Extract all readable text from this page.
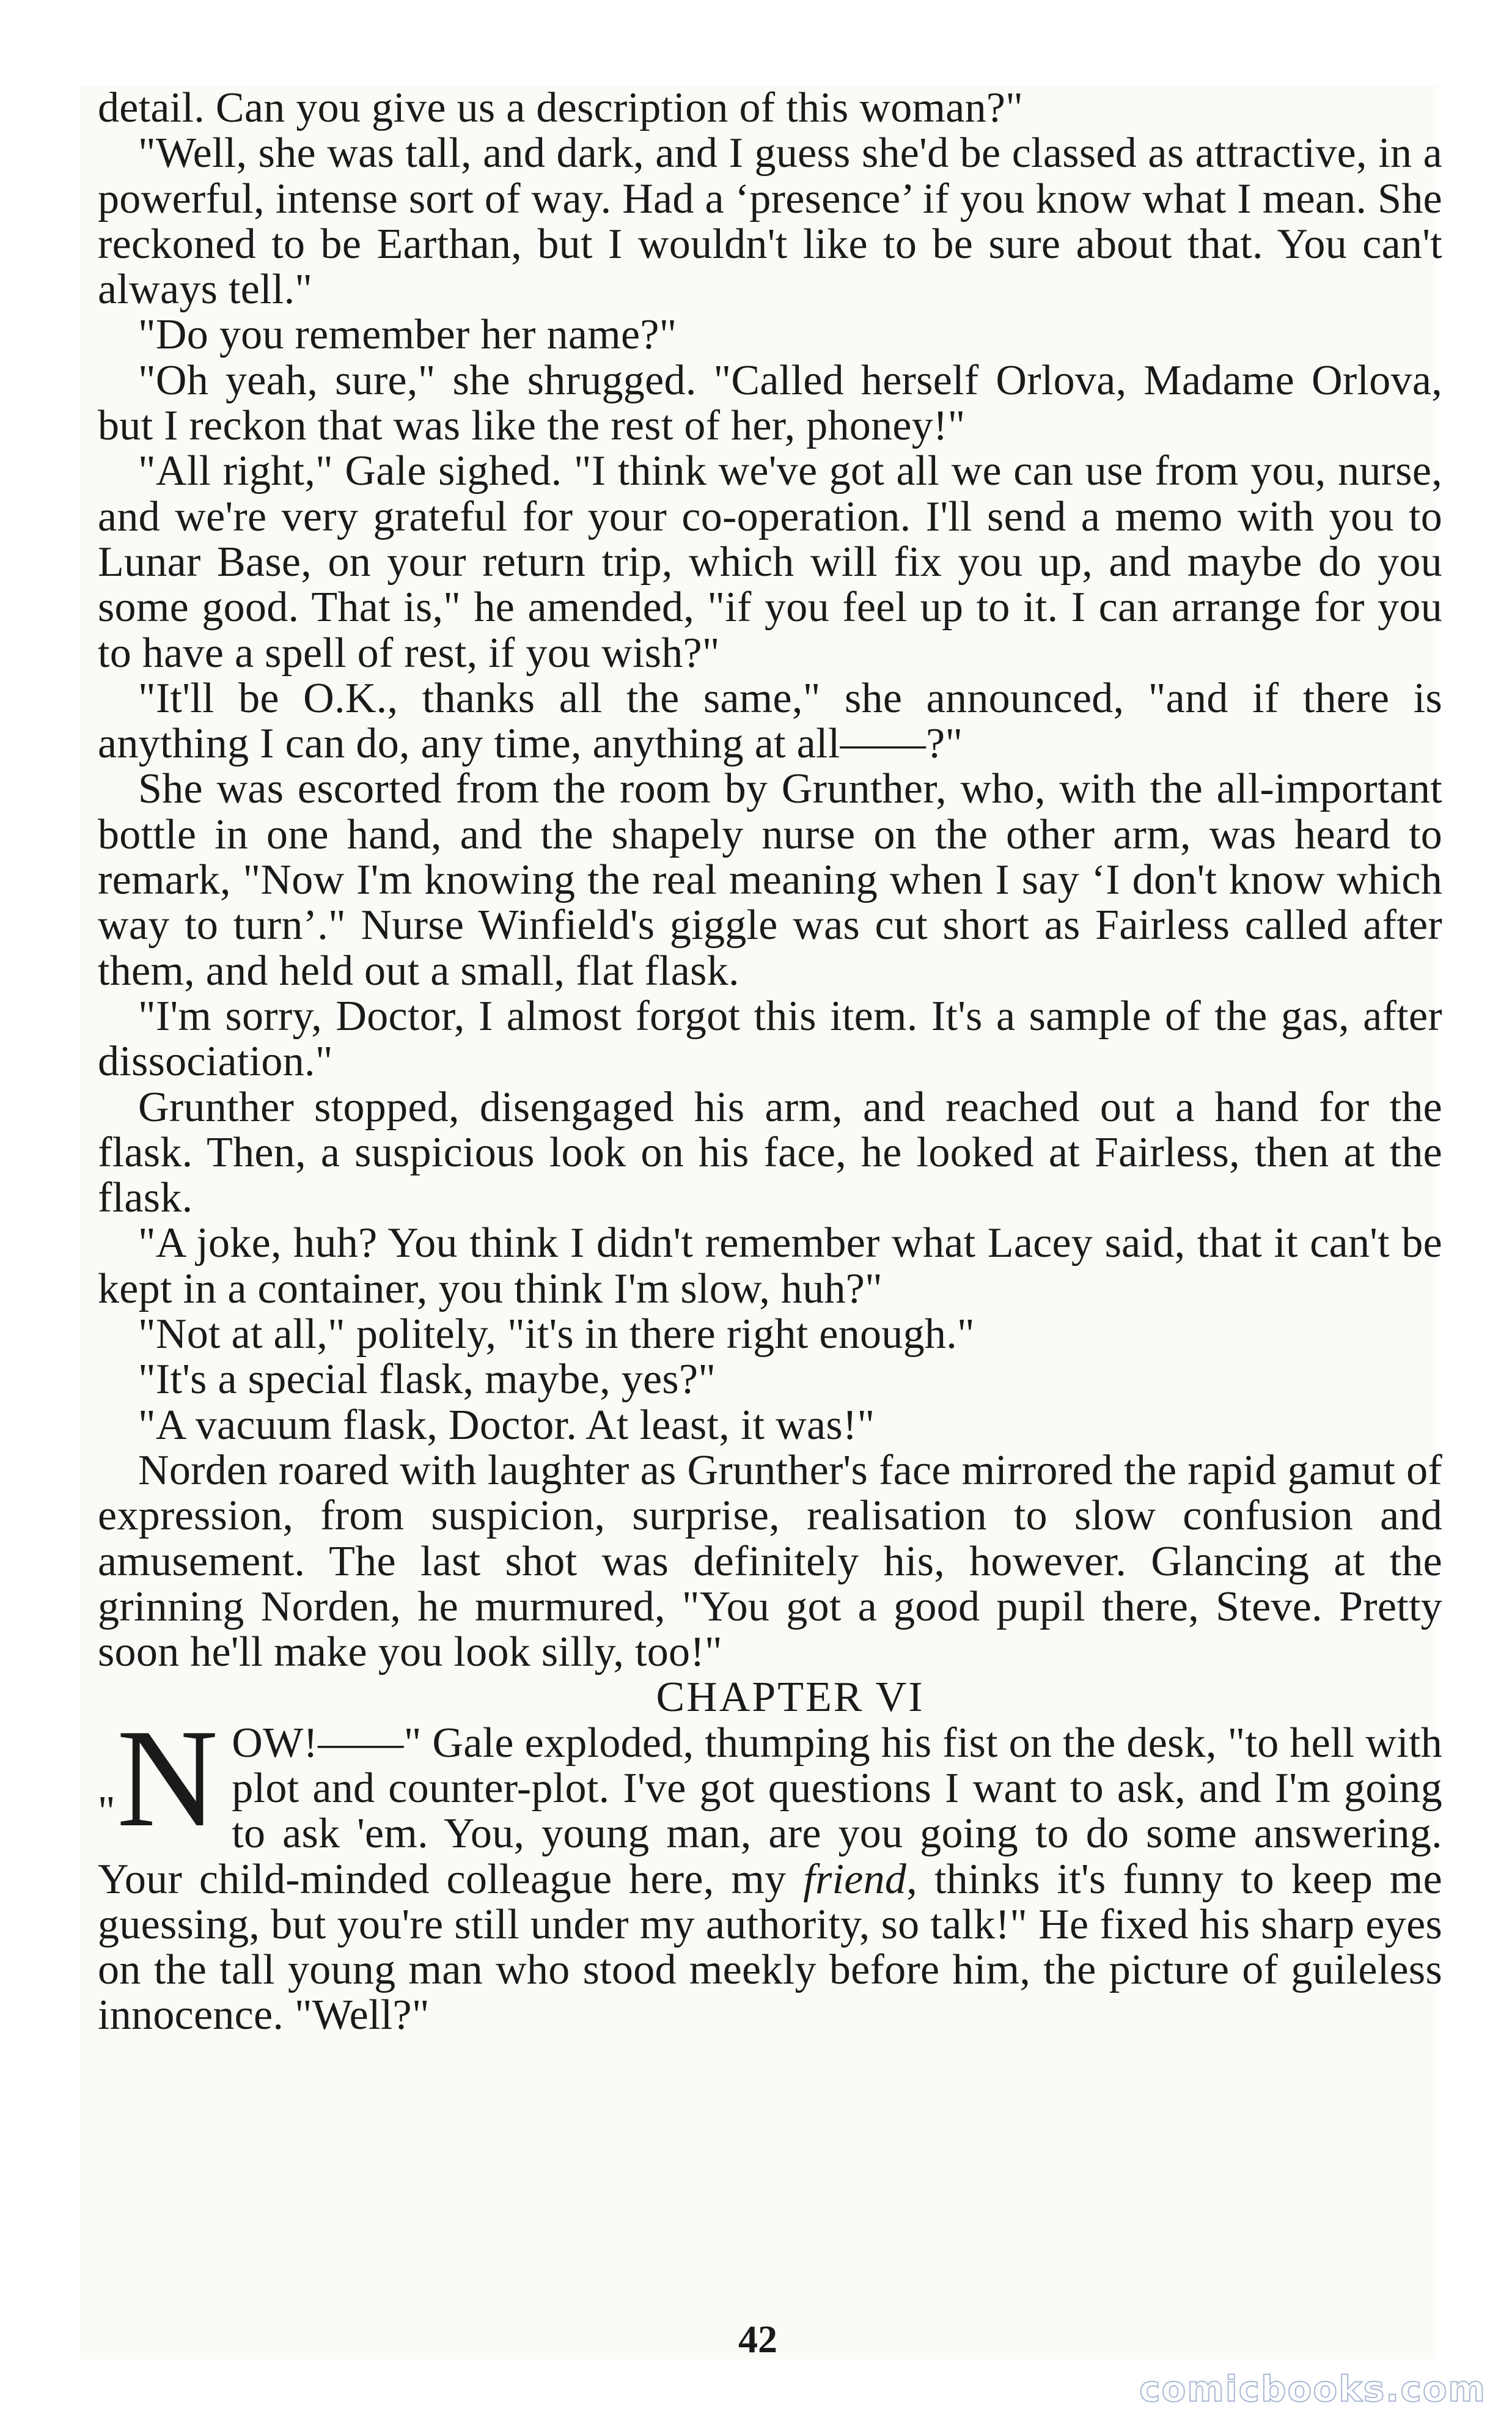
detail. Can you give us a description of this woman?"

"Well, she was tall, and dark, and I guess she'd be classed as attractive, in a powerful, intense sort of way. Had a ‘presence’ if you know what I mean. She reckoned to be Earthan, but I wouldn't like to be sure about that. You can't always tell."

"Do you remember her name?"

"Oh yeah, sure," she shrugged. "Called herself Orlova, Madame Orlova, but I reckon that was like the rest of her, phoney!"

"All right," Gale sighed. "I think we've got all we can use from you, nurse, and we're very grateful for your co-operation. I'll send a memo with you to Lunar Base, on your return trip, which will fix you up, and maybe do you some good. That is," he amended, "if you feel up to it. I can arrange for you to have a spell of rest, if you wish?"

"It'll be O.K., thanks all the same," she announced, "and if there is anything I can do, any time, anything at all——?"

She was escorted from the room by Grunther, who, with the all-important bottle in one hand, and the shapely nurse on the other arm, was heard to remark, "Now I'm knowing the real meaning when I say ‘I don't know which way to turn’." Nurse Winfield's giggle was cut short as Fairless called after them, and held out a small, flat flask.

"I'm sorry, Doctor, I almost forgot this item. It's a sample of the gas, after dissociation."

Grunther stopped, disengaged his arm, and reached out a hand for the flask. Then, a suspicious look on his face, he looked at Fairless, then at the flask.

"A joke, huh? You think I didn't remember what Lacey said, that it can't be kept in a container, you think I'm slow, huh?"

"Not at all," politely, "it's in there right enough."

"It's a special flask, maybe, yes?"

"A vacuum flask, Doctor. At least, it was!"

Norden roared with laughter as Grunther's face mirrored the rapid gamut of expression, from suspicion, surprise, realisation to slow confusion and amusement. The last shot was definitely his, however. Glancing at the grinning Norden, he murmured, "You got a good pupil there, Steve. Pretty soon he'll make you look silly, too!"

CHAPTER VI

"N OW!——" Gale exploded, thumping his fist on the desk, "to hell with plot and counter-plot. I've got questions I want to ask, and I'm going to ask 'em. You, young man, are you going to do some answering. Your child-minded colleague here, my friend, thinks it's funny to keep me guessing, but you're still under my authority, so talk!" He fixed his sharp eyes on the tall young man who stood meekly before him, the picture of guileless innocence. "Well?"

42
comicbooks.com
